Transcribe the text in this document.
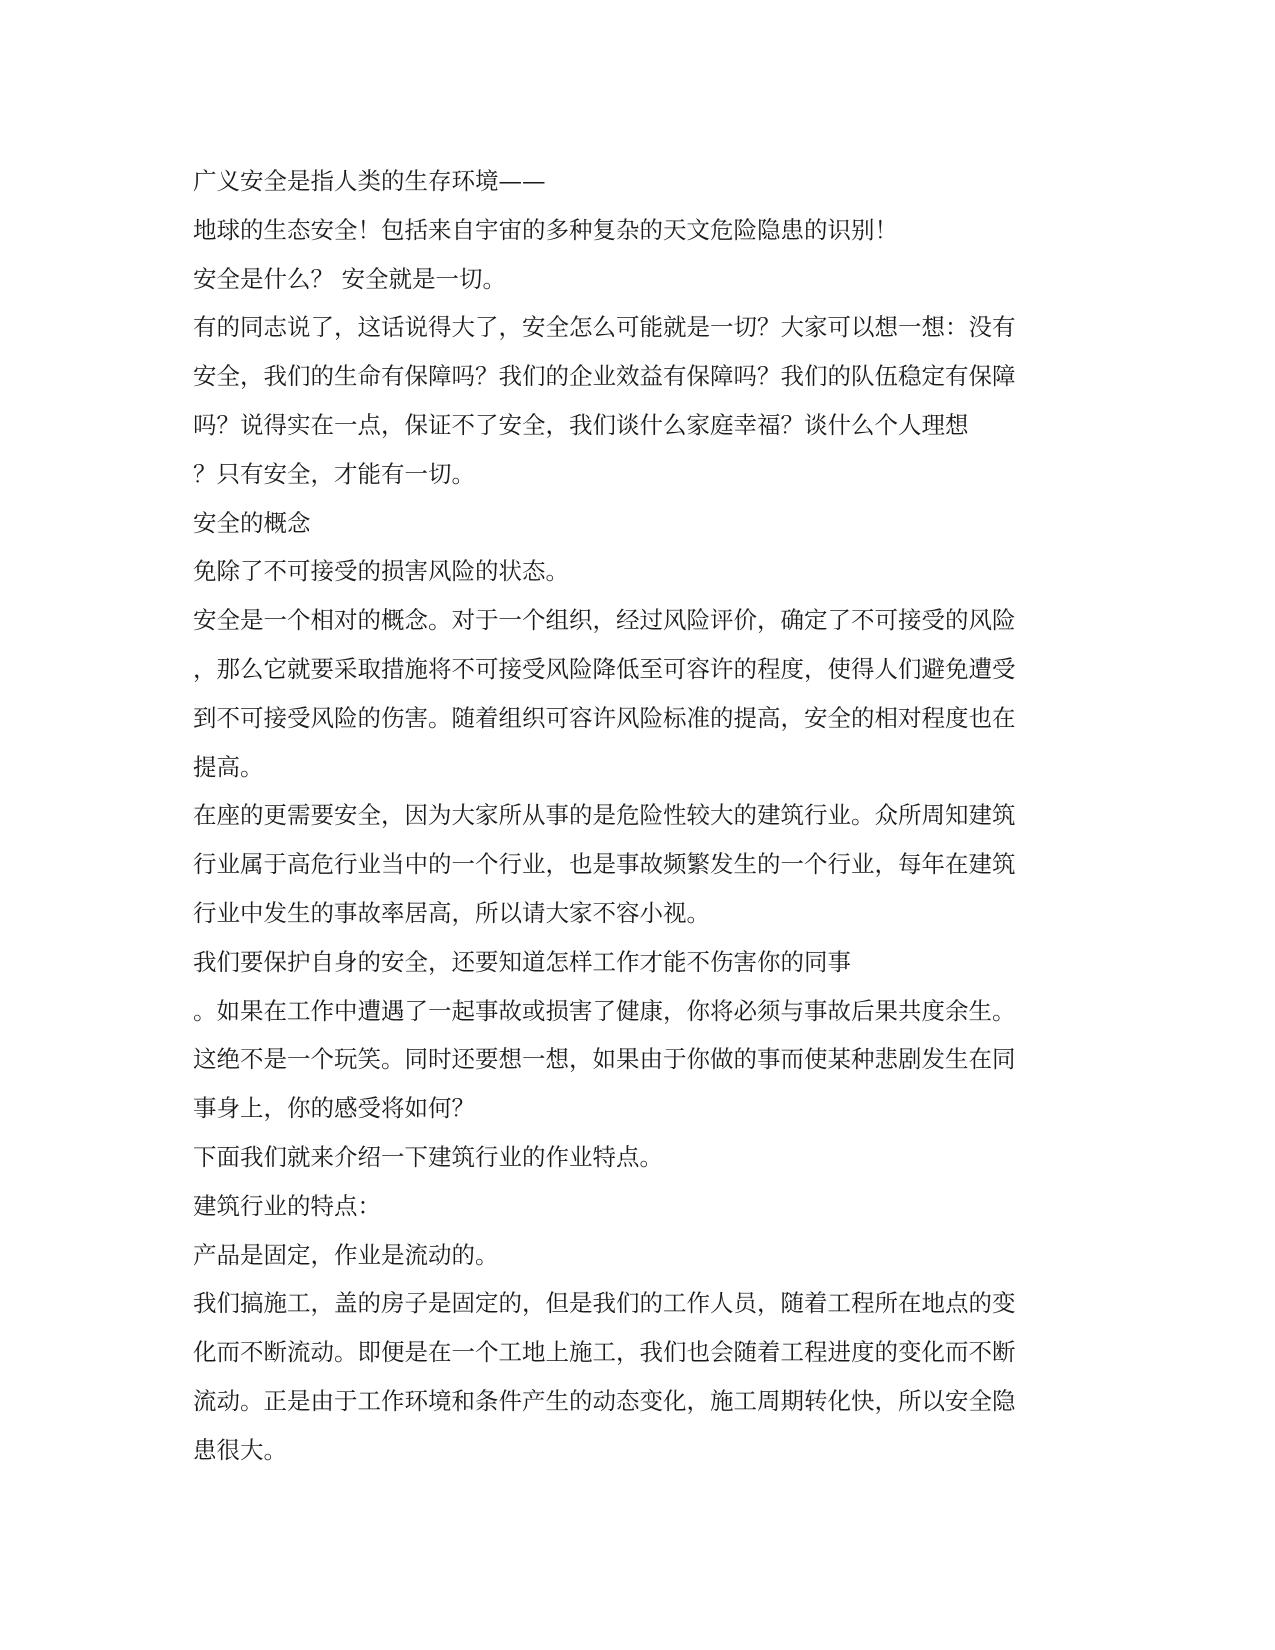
广义安全是指人类的生存环境——

地球的生态安全！包括来自宇宙的多种复杂的天文危险隐患的识别！

安全是什么？ 安全就是一切。

有的同志说了，这话说得大了，安全怎么可能就是一切？大家可以想一想：没有

安全，我们的生命有保障吗？我们的企业效益有保障吗？我们的队伍稳定有保障

吗？说得实在一点，保证不了安全，我们谈什么家庭幸福？谈什么个人理想

？只有安全，才能有一切。

安全的概念

免除了不可接受的损害风险的状态。

安全是一个相对的概念。对于一个组织，经过风险评价，确定了不可接受的风险

，那么它就要采取措施将不可接受风险降低至可容许的程度，使得人们避免遭受

到不可接受风险的伤害。随着组织可容许风险标准的提高，安全的相对程度也在

提高。

在座的更需要安全，因为大家所从事的是危险性较大的建筑行业。众所周知建筑

行业属于高危行业当中的一个行业，也是事故频繁发生的一个行业，每年在建筑

行业中发生的事故率居高，所以请大家不容小视。

我们要保护自身的安全，还要知道怎样工作才能不伤害你的同事

。如果在工作中遭遇了一起事故或损害了健康，你将必须与事故后果共度余生。

这绝不是一个玩笑。同时还要想一想，如果由于你做的事而使某种悲剧发生在同

事身上，你的感受将如何？

下面我们就来介绍一下建筑行业的作业特点。

建筑行业的特点：

产品是固定，作业是流动的。

我们搞施工，盖的房子是固定的，但是我们的工作人员，随着工程所在地点的变

化而不断流动。即便是在一个工地上施工，我们也会随着工程进度的变化而不断

流动。正是由于工作环境和条件产生的动态变化，施工周期转化快，所以安全隐

患很大。
